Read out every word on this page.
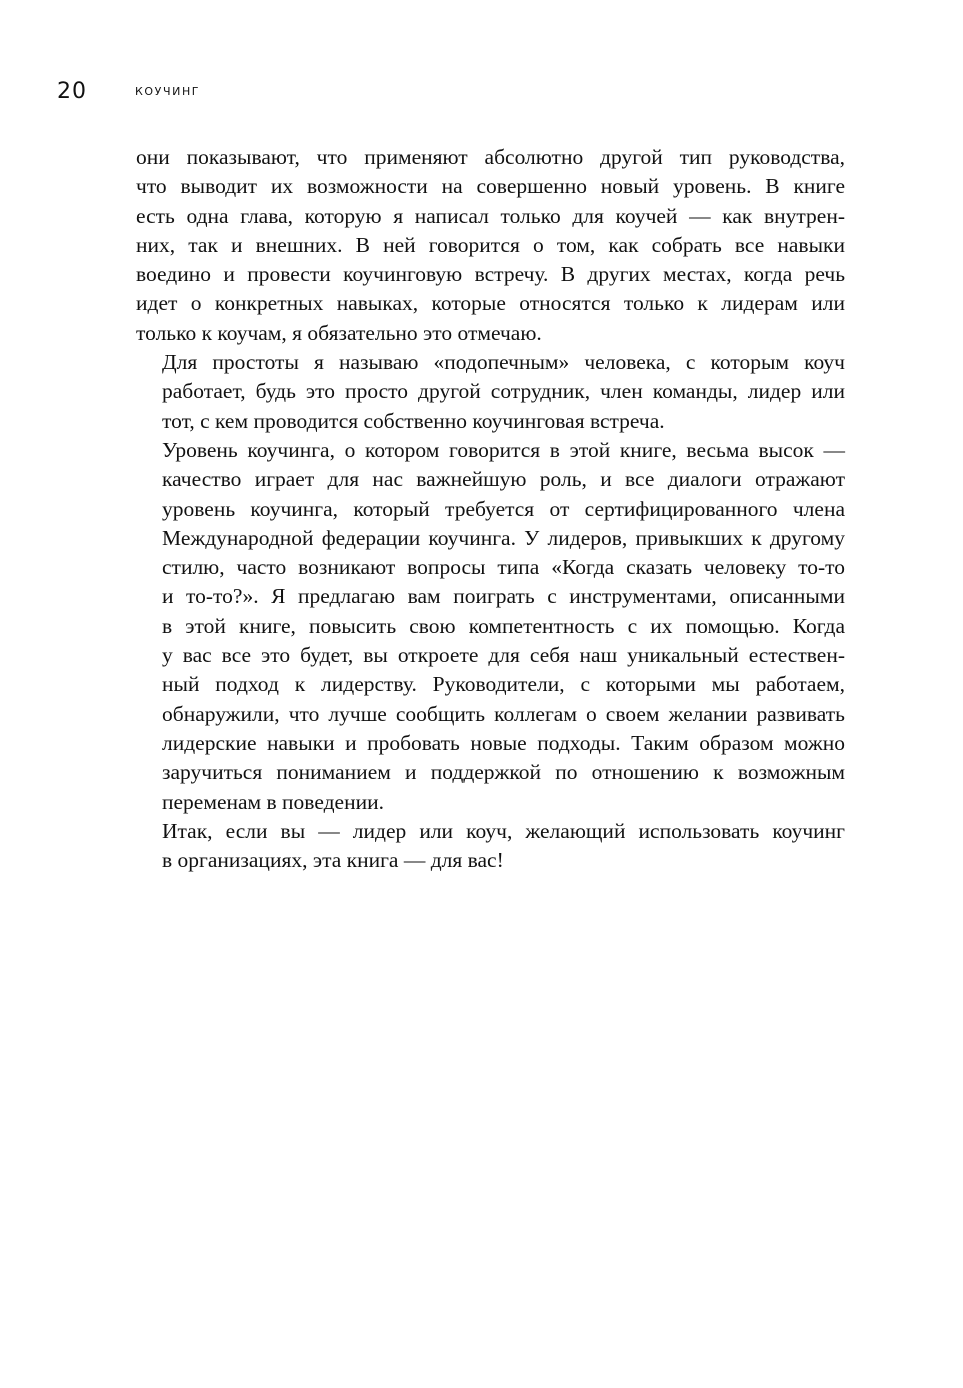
20	КОУЧИНГ

они показывают, что применяют абсолютно другой тип руководства,
что выводит их возможности на совершенно новый уровень. В книге
есть одна глава, которую я написал только для коучей — как внутрен-
них, так и внешних. В ней говорится о том, как собрать все навыки
воедино и провести коучинговую встречу. В других местах, когда речь
идет о конкретных навыках, которые относятся только к лидерам или
только к коучам, я обязательно это отмечаю.

Для простоты я называю «подопечным» человека, с которым коуч
работает, будь это просто другой сотрудник, член команды, лидер или
тот, с кем проводится собственно коучинговая встреча.

Уровень коучинга, о котором говорится в этой книге, весьма высок —
качество играет для нас важнейшую роль, и все диалоги отражают
уровень коучинга, который требуется от сертифицированного члена
Международной федерации коучинга. У лидеров, привыкших к другому
стилю, часто возникают вопросы типа «Когда сказать человеку то-то
и то-то?». Я предлагаю вам поиграть с инструментами, описанными
в этой книге, повысить свою компетентность с их помощью. Когда
у вас все это будет, вы откроете для себя наш уникальный естествен-
ный подход к лидерству. Руководители, с которыми мы работаем,
обнаружили, что лучше сообщить коллегам о своем желании развивать
лидерские навыки и пробовать новые подходы. Таким образом можно
заручиться пониманием и поддержкой по отношению к возможным
переменам в поведении.

Итак, если вы — лидер или коуч, желающий использовать коучинг
в организациях, эта книга — для вас!
